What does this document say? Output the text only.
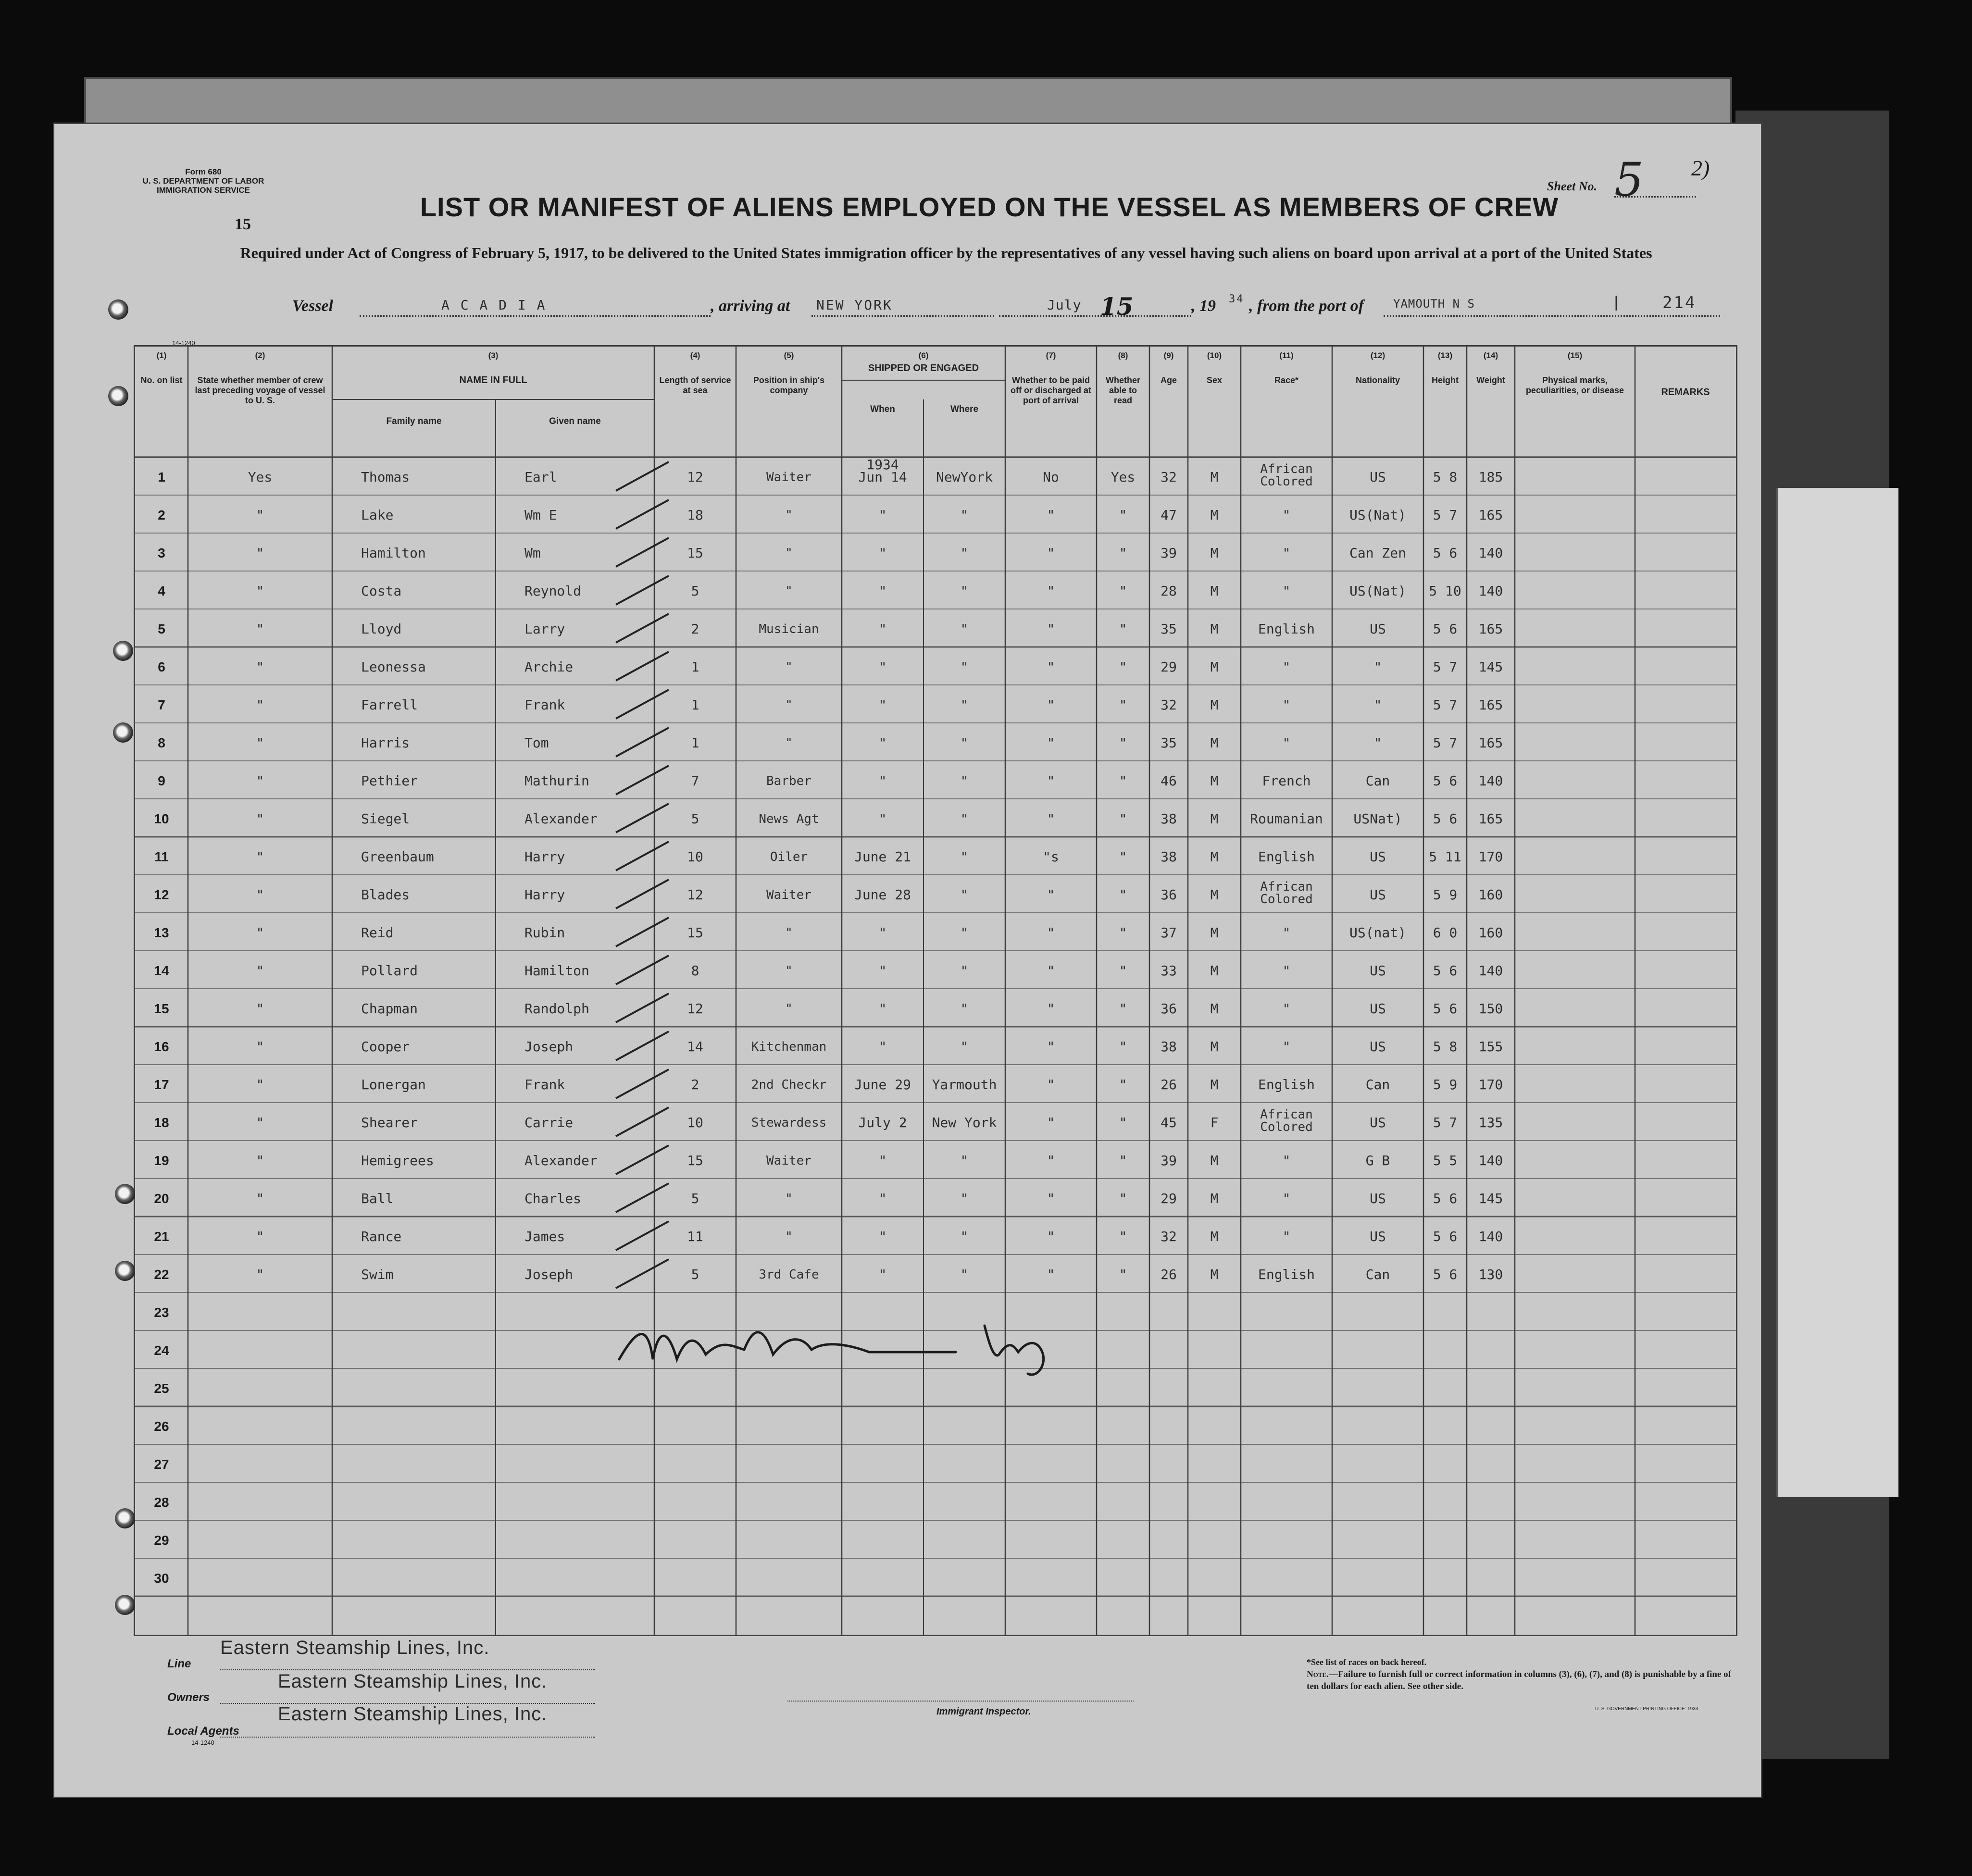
Form 680
U. S. DEPARTMENT OF LABOR
IMMIGRATION SERVICE
15
Sheet No. 5 2)
LIST OR MANIFEST OF ALIENS EMPLOYED ON THE VESSEL AS MEMBERS OF CREW
Required under Act of Congress of February 5, 1917, to be delivered to the United States immigration officer by the representatives of any vessel having such aliens on board upon arrival at a port of the United States
Vessel	A C A D I A	, arriving at NEW YORK	July 15	, 19 34 , from the port of	YAMOUTH N S	|	214
14-1240
(1)
No. on list
(2)
State whether member of crew last preceding voyage of vessel to U. S.
(3)
NAME IN FULL
Family name	Given name
(4)
Length of service at sea
(5)
Position in ship's company
(6)
SHIPPED OR ENGAGED
When	Where
(7)
Whether to be paid off or discharged at port of arrival
(8)
Whether able to read
(9)
Age
(10)
Sex
(11)
Race*
(12)
Nationality
(13)
Height
(14)
Weight
(15)
Physical marks, peculiarities, or disease	REMARKS
1934
1	Yes	Thomas	Earl	12	Waiter	Jun 14	NewYork	No	Yes	32	M	African Colored	US	5 8	185
2	"	Lake	Wm E	18	"	"	"	"	"	47	M	"	US(Nat)	5 7	165
3	"	Hamilton	Wm	15	"	"	"	"	"	39	M	"	Can Zen	5 6	140
4	"	Costa	Reynold	5	"	"	"	"	"	28	M	"	US(Nat)	5 10	140
5	"	Lloyd	Larry	2	Musician	"	"	"	"	35	M	English	US	5 6	165
6	"	Leonessa	Archie	1	"	"	"	"	"	29	M	"	"	5 7	145
7	"	Farrell	Frank	1	"	"	"	"	"	32	M	"	"	5 7	165
8	"	Harris	Tom	1	"	"	"	"	"	35	M	"	"	5 7	165
9	"	Pethier	Mathurin	7	Barber	"	"	"	"	46	M	French	Can	5 6	140
10	"	Siegel	Alexander	5	News Agt	"	"	"	"	38	M	Roumanian	USNat)	5 6	165
11	"	Greenbaum	Harry	10	Oiler	June 21	"	"s	"	38	M	English	US	5 11	170
12	"	Blades	Harry	12	Waiter	June 28	"	"	"	36	M	African Colored	US	5 9	160
13	"	Reid	Rubin	15	"	"	"	"	"	37	M	"	US(nat)	6 0	160
14	"	Pollard	Hamilton	8	"	"	"	"	"	33	M	"	US	5 6	140
15	"	Chapman	Randolph	12	"	"	"	"	"	36	M	"	US	5 6	150
16	"	Cooper	Joseph	14	Kitchenman	"	"	"	"	38	M	"	US	5 8	155
17	"	Lonergan	Frank	2	2nd Checkr	June 29	Yarmouth	"	"	26	M	English	Can	5 9	170
18	"	Shearer	Carrie	10	Stewardess	July 2	New York	"	"	45	F	African Colored	US	5 7	135
19	"	Hemigrees	Alexander	15	Waiter	"	"	"	"	39	M	"	G B	5 5	140
20	"	Ball	Charles	5	"	"	"	"	"	29	M	"	US	5 6	145
21	"	Rance	James	11	"	"	"	"	"	32	M	"	US	5 6	140
22	"	Swim	Joseph	5	3rd Cafe	"	"	"	"	26	M	English	Can	5 6	130
23
24
25
26
27
28
29
30
Line
Eastern Steamship Lines, Inc.
Owners
Eastern Steamship Lines, Inc.
Local Agents
Eastern Steamship Lines, Inc.
14-1240
Immigrant Inspector.
*See list of races on back hereof.
Note.—Failure to furnish full or correct information in columns (3), (6), (7), and (8) is punishable by a fine of ten dollars for each alien. See other side.
U. S. GOVERNMENT PRINTING OFFICE: 1933
